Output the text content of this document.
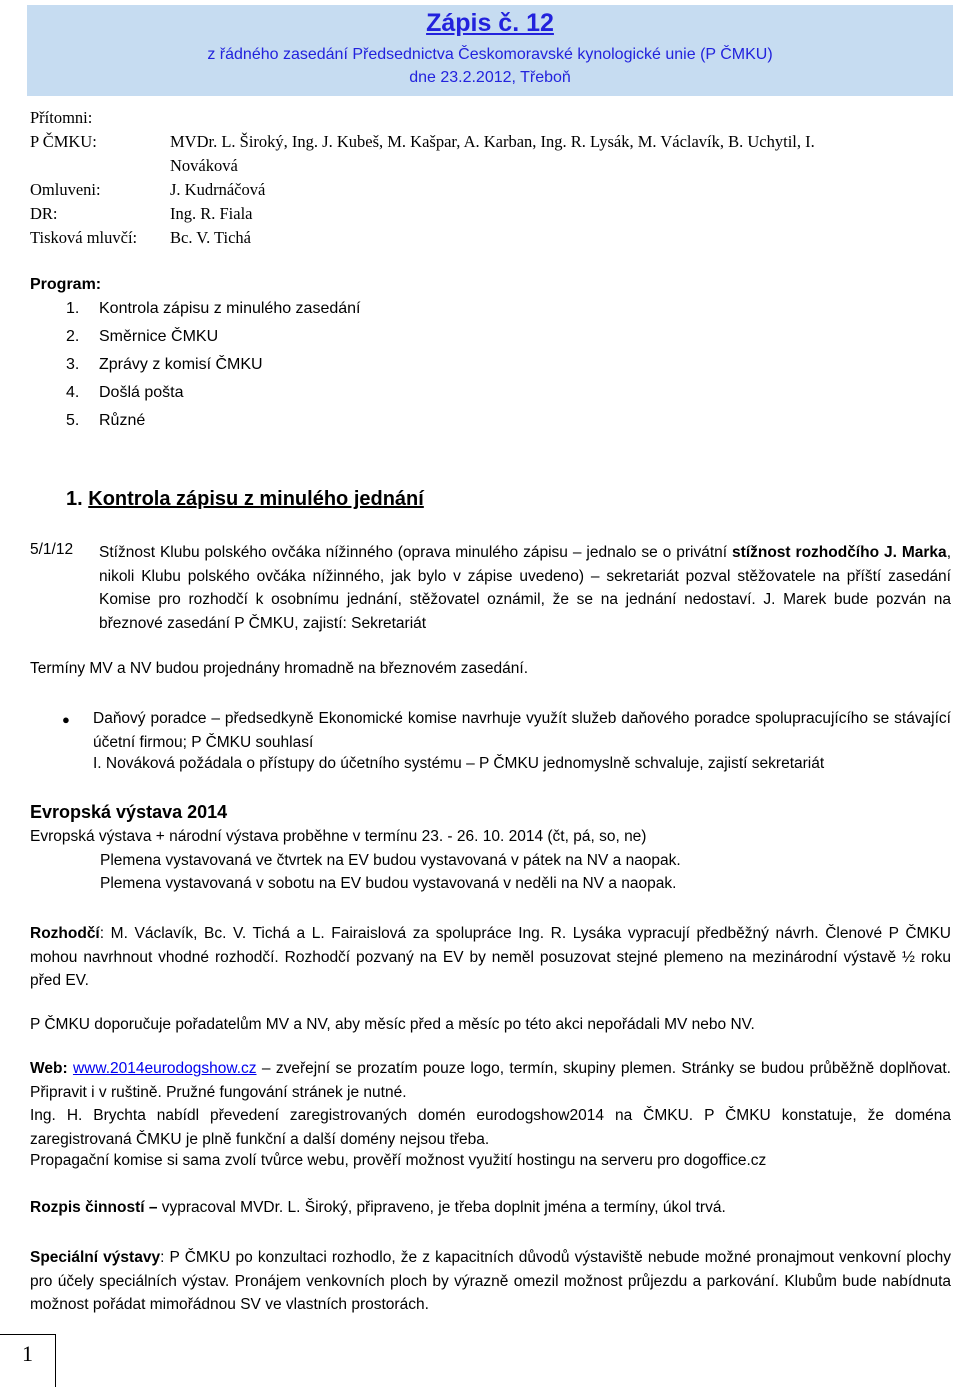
Zápis č. 12
z řádného zasedání Předsednictva Českomoravské kynologické unie (P ČMKU)
dne 23.2.2012, Třeboň
Přítomni:
P ČMKU:	MVDr. L. Široký, Ing. J. Kubeš, M. Kašpar, A. Karban, Ing. R. Lysák, M. Václavík, B. Uchytil, I.
Nováková
Omluveni:	J. Kudrnáčová
DR:	Ing. R. Fiala
Tisková mluvčí: Bc. V. Tichá
Program:
1. Kontrola zápisu z minulého zasedání
2. Směrnice ČMKU
3. Zprávy z komisí ČMKU
4. Došlá pošta
5. Různé
1. Kontrola zápisu z minulého jednání
5/1/12 Stížnost Klubu polského ovčáka nížinného (oprava minulého zápisu – jednalo se o privátní stížnost rozhodčího J. Marka, nikoli Klubu polského ovčáka nížinného, jak bylo v zápise uvedeno) – sekretariát pozval stěžovatele na příští zasedání Komise pro rozhodčí k osobnímu jednání, stěžovatel oznámil, že se na jednání nedostaví. J. Marek bude pozván na březnové zasedání P ČMKU, zajistí: Sekretariát
Termíny MV a NV budou projednány hromadně na březnovém zasedání.
● Daňový poradce – předsedkyně Ekonomické komise navrhuje využít služeb daňového poradce spolupracujícího se stávající účetní firmou; P ČMKU souhlasí
I. Nováková požádala o přístupy do účetního systému – P ČMKU jednomyslně schvaluje, zajistí sekretariát
Evropská výstava 2014
Evropská výstava + národní výstava proběhne v termínu 23. - 26. 10. 2014 (čt, pá, so, ne)
Plemena vystavovaná ve čtvrtek na EV budou vystavovaná v pátek na NV a naopak.
Plemena vystavovaná v sobotu na EV budou vystavovaná v neděli na NV a naopak.
Rozhodčí: M. Václavík, Bc. V. Tichá a L. Fairaislová za spolupráce Ing. R. Lysáka vypracují předběžný návrh. Členové P ČMKU mohou navrhnout vhodné rozhodčí. Rozhodčí pozvaný na EV by neměl posuzovat stejné plemeno na mezinárodní výstavě ½ roku před EV.
P ČMKU doporučuje pořadatelům MV a NV, aby měsíc před a měsíc po této akci nepořádali MV nebo NV.
Web: www.2014eurodogshow.cz – zveřejní se prozatím pouze logo, termín, skupiny plemen. Stránky se budou průběžně doplňovat. Připravit i v ruštině. Pružné fungování stránek je nutné.
Ing. H. Brychta nabídl převedení zaregistrovaných domén eurodogshow2014 na ČMKU. P ČMKU konstatuje, že doména zaregistrovaná ČMKU je plně funkční a další domény nejsou třeba.
Propagační komise si sama zvolí tvůrce webu, prověří možnost využití hostingu na serveru pro dogoffice.cz
Rozpis činností – vypracoval MVDr. L. Široký, připraveno, je třeba doplnit jména a termíny, úkol trvá.
Speciální výstavy: P ČMKU po konzultaci rozhodlo, že z kapacitních důvodů výstaviště nebude možné pronajmout venkovní plochy pro účely speciálních výstav. Pronájem venkovních ploch by výrazně omezil možnost průjezdu a parkování. Klubům bude nabídnuta možnost pořádat mimořádnou SV ve vlastních prostorách.
1
